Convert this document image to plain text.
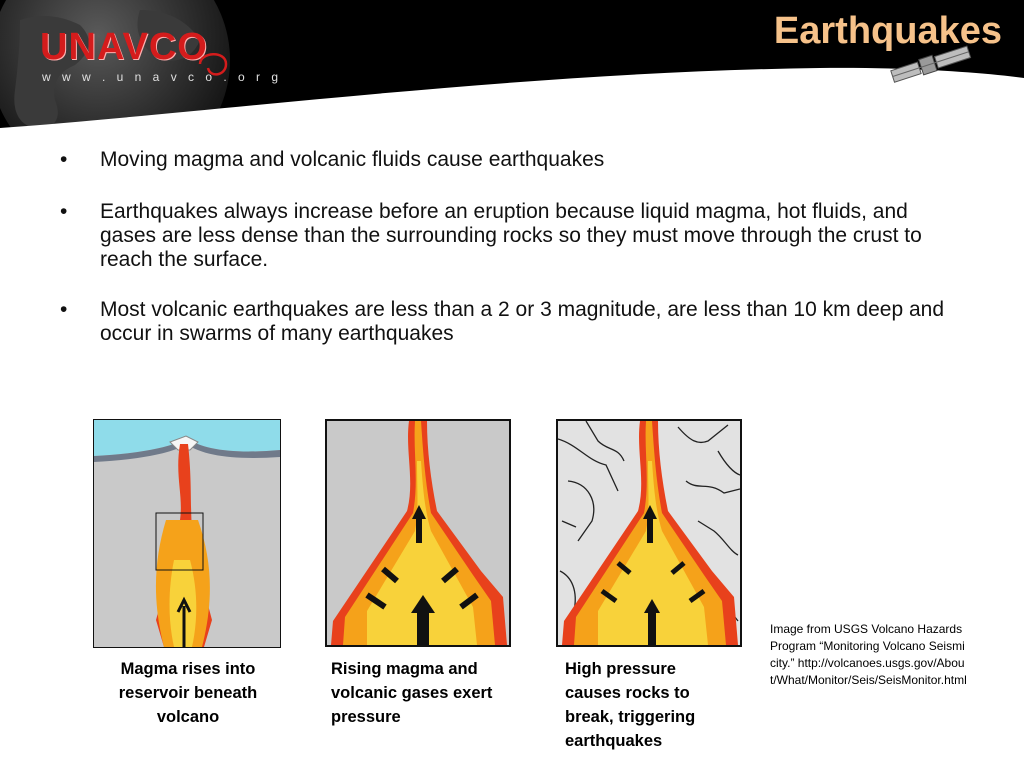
UNAVCO
w w w . u n a v c o . o r g
Earthquakes
• Moving magma and volcanic fluids cause earthquakes
• Earthquakes always increase before an eruption because liquid magma, hot fluids, and gases are less dense than the surrounding rocks so they must move through the crust to reach the surface.
• Most volcanic earthquakes are less than a 2 or 3 magnitude, are less than 10 km deep and occur in swarms of many earthquakes

Magma rises into reservoir beneath volcano

Rising magma and volcanic gases exert pressure

High pressure causes rocks to break, triggering earthquakes

Image from USGS Volcano Hazards Program “Monitoring Volcano Seismicity.” http://volcanoes.usgs.gov/About/What/Monitor/Seis/SeisMonitor.html
